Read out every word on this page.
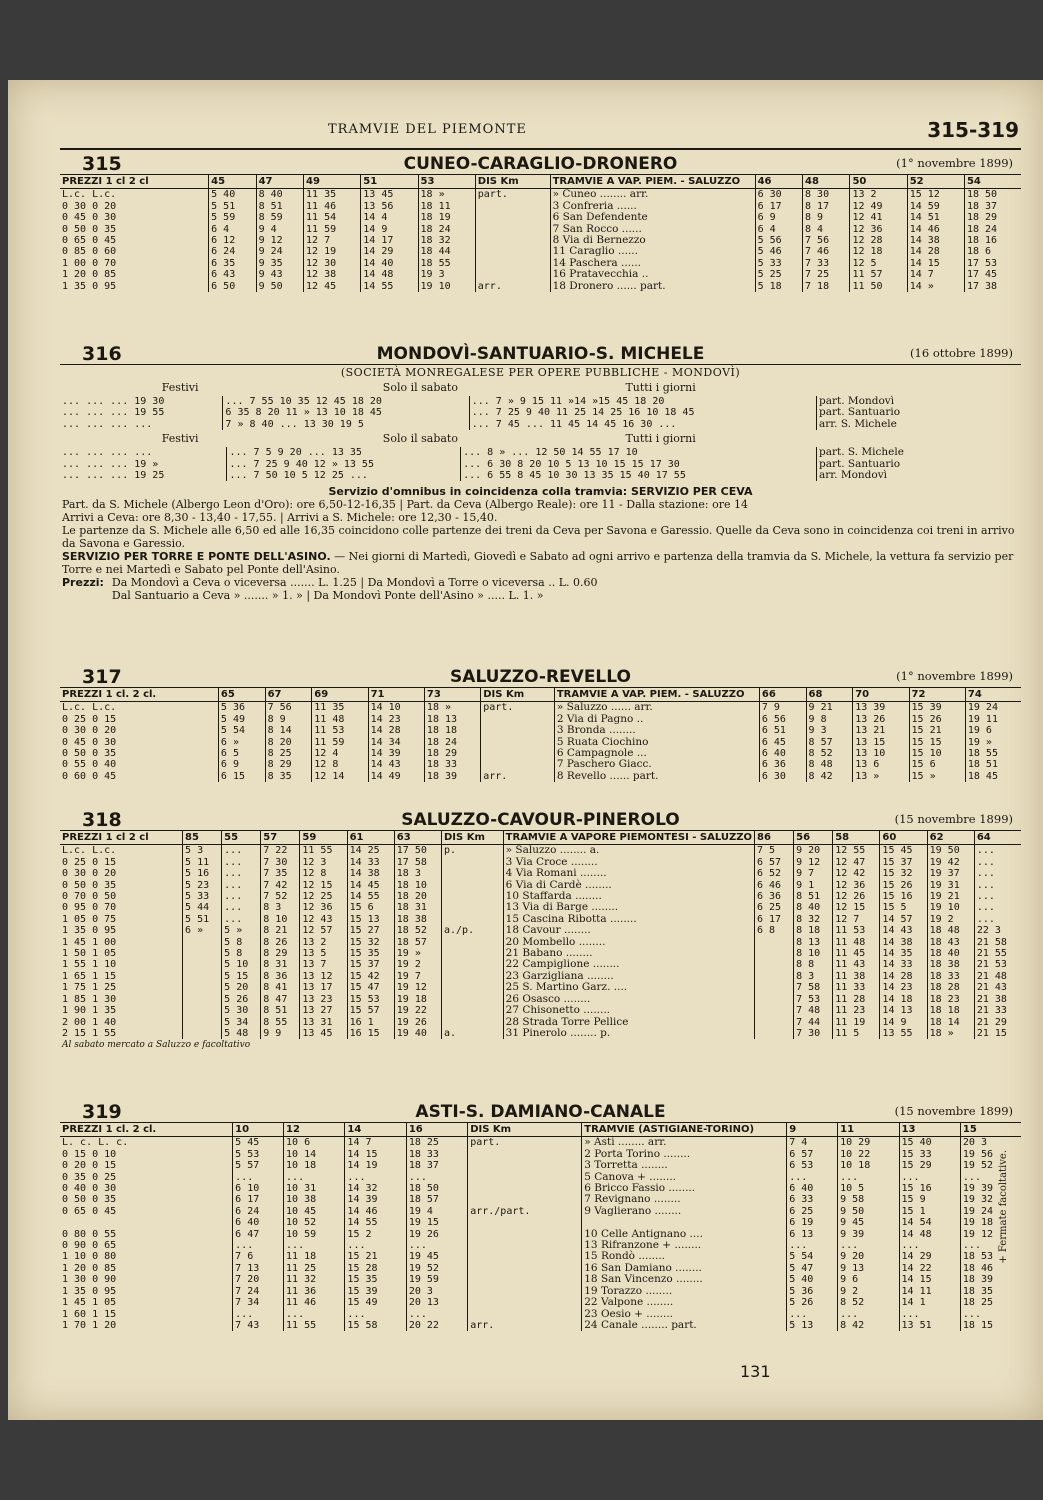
TRAMVIE DEL PIEMONTE	315-319
315	CUNEO-CARAGLIO-DRONERO	(1° novembre 1899)
PREZZI 1 cl 2 cl	45	47	49	51	53	DIS Km	TRAMVIE A VAP. PIEM. - SALUZZO	46	48	50	52	54
L.c. L.c.	5 40	8 40	11 35	13 45	18 »	part.	» Cuneo ........ arr.	6 30	8 30	13 2	15 12	18 50
0 30 0 20	5 51	8 51	11 46	13 56	18 11		3 Confreria ......	6 17	8 17	12 49	14 59	18 37
0 45 0 30	5 59	8 59	11 54	14 4	18 19		6 San Defendente	6 9	8 9	12 41	14 51	18 29
0 50 0 35	6 4	9 4	11 59	14 9	18 24		7 San Rocco ......	6 4	8 4	12 36	14 46	18 24
0 65 0 45	6 12	9 12	12 7	14 17	18 32		8 Via di Bernezzo	5 56	7 56	12 28	14 38	18 16
0 85 0 60	6 24	9 24	12 19	14 29	18 44		11 Caraglio ......	5 46	7 46	12 18	14 28	18 6
1 00 0 70	6 35	9 35	12 30	14 40	18 55		14 Paschera ......	5 33	7 33	12 5	14 15	17 53
1 20 0 85	6 43	9 43	12 38	14 48	19 3		16 Pratavecchia ..	5 25	7 25	11 57	14 7	17 45
1 35 0 95	6 50	9 50	12 45	14 55	19 10	arr.	18 Dronero ...... part.	5 18	7 18	11 50	14 »	17 38
316	MONDOVÌ-SANTUARIO-S. MICHELE	(16 ottobre 1899)
(SOCIETÀ MONREGALESE PER OPERE PUBBLICHE - MONDOVÌ)
Festivi	Solo il sabato	Tutti i giorni
... ... ... 19 30	... 7 55 10 35 12 45 18 20	... 7 » 9 15 11 »14 »15 45 18 20	part. Mondovì
... ... ... 19 55	6 35 8 20 11 » 13 10 18 45	... 7 25 9 40 11 25 14 25 16 10 18 45	part. Santuario
... ... ... ...	7 » 8 40 ... 13 30 19 5	... 7 45 ... 11 45 14 45 16 30 ...	arr. S. Michele
Festivi	Solo il sabato	Tutti i giorni
... ... ... ...	... 7 5 9 20 ... 13 35	... 8 » ... 12 50 14 55 17 10	part. S. Michele
... ... ... 19 »	... 7 25 9 40 12 » 13 55	... 6 30 8 20 10 5 13 10 15 15 17 30	part. Santuario
... ... ... 19 25	... 7 50 10 5 12 25 ...	... 6 55 8 45 10 30 13 35 15 40 17 55	arr. Mondovì
Servizio d'omnibus in coincidenza colla tramvia: SERVIZIO PER CEVA
Part. da S. Michele (Albergo Leon d'Oro): ore 6,50-12-16,35 | Part. da Ceva (Albergo Reale): ore 11 - Dalla stazione: ore 14
Arrivi a Ceva: ore 8,30 - 13,40 - 17,55. | Arrivi a S. Michele: ore 12,30 - 15,40.
Le partenze da S. Michele alle 6,50 ed alle 16,35 coincidono colle partenze dei treni da Ceva per Savona e Garessio. Quelle da Ceva sono in coincidenza coi treni in arrivo da Savona e Garessio.
SERVIZIO PER TORRE E PONTE DELL'ASINO. — Nei giorni di Martedì, Giovedì e Sabato ad ogni arrivo e partenza della tramvia da S. Michele, la vettura fa servizio per Torre e nei Martedì e Sabato pel Ponte dell'Asino.
Prezzi: Da Mondovì a Ceva o viceversa ....... L. 1.25 | Da Mondovì a Torre o viceversa .. L. 0.60
Dal Santuario a Ceva » ....... » 1. » | Da Mondovì Ponte dell'Asino » ..... L. 1. »
317	SALUZZO-REVELLO	(1° novembre 1899)
PREZZI 1 cl. 2 cl.	65	67	69	71	73	DIS Km	TRAMVIE A VAP. PIEM. - SALUZZO	66	68	70	72	74
L.c. L.c.	5 36	7 56	11 35	14 10	18 »	part.	» Saluzzo ...... arr.	7 9	9 21	13 39	15 39	19 24
0 25 0 15	5 49	8 9	11 48	14 23	18 13		2 Via di Pagno ..	6 56	9 8	13 26	15 26	19 11
0 30 0 20	5 54	8 14	11 53	14 28	18 18		3 Bronda ........	6 51	9 3	13 21	15 21	19 6
0 45 0 30	6 »	8 20	11 59	14 34	18 24		5 Ruata Ciochino	6 45	8 57	13 15	15 15	19 »
0 50 0 35	6 5	8 25	12 4	14 39	18 29		6 Campagnole ...	6 40	8 52	13 10	15 10	18 55
0 55 0 40	6 9	8 29	12 8	14 43	18 33		7 Paschero Giacc.	6 36	8 48	13 6	15 6	18 51
0 60 0 45	6 15	8 35	12 14	14 49	18 39	arr.	8 Revello ...... part.	6 30	8 42	13 »	15 »	18 45
318	SALUZZO-CAVOUR-PINEROLO	(15 novembre 1899)
PREZZI 1 cl 2 cl	85	55	57	59	61	63	DIS Km	TRAMVIE A VAPORE PIEMONTESI - SALUZZO	86	56	58	60	62	64
L.c. L.c.	5 3	...	7 22	11 55	14 25	17 50	p.	» Saluzzo ........ a.	7 5	9 20	12 55	15 45	19 50	...
0 25 0 15	5 11	...	7 30	12 3	14 33	17 58		3 Via Croce ........	6 57	9 12	12 47	15 37	19 42	...
0 30 0 20	5 16	...	7 35	12 8	14 38	18 3		4 Via Romani ........	6 52	9 7	12 42	15 32	19 37	...
0 50 0 35	5 23	...	7 42	12 15	14 45	18 10		6 Via di Cardè ........	6 46	9 1	12 36	15 26	19 31	...
0 70 0 50	5 33	...	7 52	12 25	14 55	18 20		10 Staffarda ........	6 36	8 51	12 26	15 16	19 21	...
0 95 0 70	5 44	...	8 3	12 36	15 6	18 31		13 Via di Barge ........	6 25	8 40	12 15	15 5	19 10	...
1 05 0 75	5 51	...	8 10	12 43	15 13	18 38		15 Cascina Ribotta ........	6 17	8 32	12 7	14 57	19 2	...
1 35 0 95	6 »	5 »	8 21	12 57	15 27	18 52	a./p.	18 Cavour ........	6 8	8 18	11 53	14 43	18 48	22 3
1 45 1 00		5 8	8 26	13 2	15 32	18 57		20 Mombello ........		8 13	11 48	14 38	18 43	21 58
1 50 1 05		5 8	8 29	13 5	15 35	19 »		21 Babano ........		8 10	11 45	14 35	18 40	21 55
1 55 1 10		5 10	8 31	13 7	15 37	19 2		22 Campiglione ........		8 8	11 43	14 33	18 38	21 53
1 65 1 15		5 15	8 36	13 12	15 42	19 7		23 Garzigliana ........		8 3	11 38	14 28	18 33	21 48
1 75 1 25		5 20	8 41	13 17	15 47	19 12		25 S. Martino Garz. ....		7 58	11 33	14 23	18 28	21 43
1 85 1 30		5 26	8 47	13 23	15 53	19 18		26 Osasco ........		7 53	11 28	14 18	18 23	21 38
1 90 1 35		5 30	8 51	13 27	15 57	19 22		27 Chisonetto ........		7 48	11 23	14 13	18 18	21 33
2 00 1 40		5 34	8 55	13 31	16 1	19 26		28 Strada Torre Pellice		7 44	11 19	14 9	18 14	21 29
2 15 1 55		5 48	9 9	13 45	16 15	19 40	a.	31 Pinerolo ........ p.		7 30	11 5	13 55	18 »	21 15
Al sabato mercato a Saluzzo e facoltativo
319	ASTI-S. DAMIANO-CANALE	(15 novembre 1899)
PREZZI 1 cl. 2 cl.	10	12	14	16	DIS Km	TRAMVIE (ASTIGIANE-TORINO)	9	11	13	15
L. c. L. c.	5 45	10 6	14 7	18 25	part.	» Asti ........ arr.	7 4	10 29	15 40	20 3
0 15 0 10	5 53	10 14	14 15	18 33		2 Porta Torino ........	6 57	10 22	15 33	19 56
0 20 0 15	5 57	10 18	14 19	18 37		3 Torretta ........	6 53	10 18	15 29	19 52
0 35 0 25	...	...	...	...		5 Canova + ........	...	...	...	...
0 40 0 30	6 10	10 31	14 32	18 50		6 Bricco Fassio ........	6 40	10 5	15 16	19 39
0 50 0 35	6 17	10 38	14 39	18 57		7 Revignano ........	6 33	9 58	15 9	19 32
0 65 0 45	6 24	10 45	14 46	19 4	arr./part.	9 Vaglierano ........	6 25	9 50	15 1	19 24
	6 40	10 52	14 55	19 15			6 19	9 45	14 54	19 18
0 80 0 55	6 47	10 59	15 2	19 26		10 Celle Antignano ....	6 13	9 39	14 48	19 12
0 90 0 65	...	...	...	...		13 Rifranzone + ........	...	...	...	...
1 10 0 80	7 6	11 18	15 21	19 45		15 Rondò ........	5 54	9 20	14 29	18 53
1 20 0 85	7 13	11 25	15 28	19 52		16 San Damiano ........	5 47	9 13	14 22	18 46
1 30 0 90	7 20	11 32	15 35	19 59		18 San Vincenzo ........	5 40	9 6	14 15	18 39
1 35 0 95	7 24	11 36	15 39	20 3		19 Torazzo ........	5 36	9 2	14 11	18 35
1 45 1 05	7 34	11 46	15 49	20 13		22 Valpone ........	5 26	8 52	14 1	18 25
1 60 1 15	...	...	...	...		23 Oesio + ........	...	...	...	...
1 70 1 20	7 43	11 55	15 58	20 22	arr.	24 Canale ........ part.	5 13	8 42	13 51	18 15
+ Fermate facoltative.
131
